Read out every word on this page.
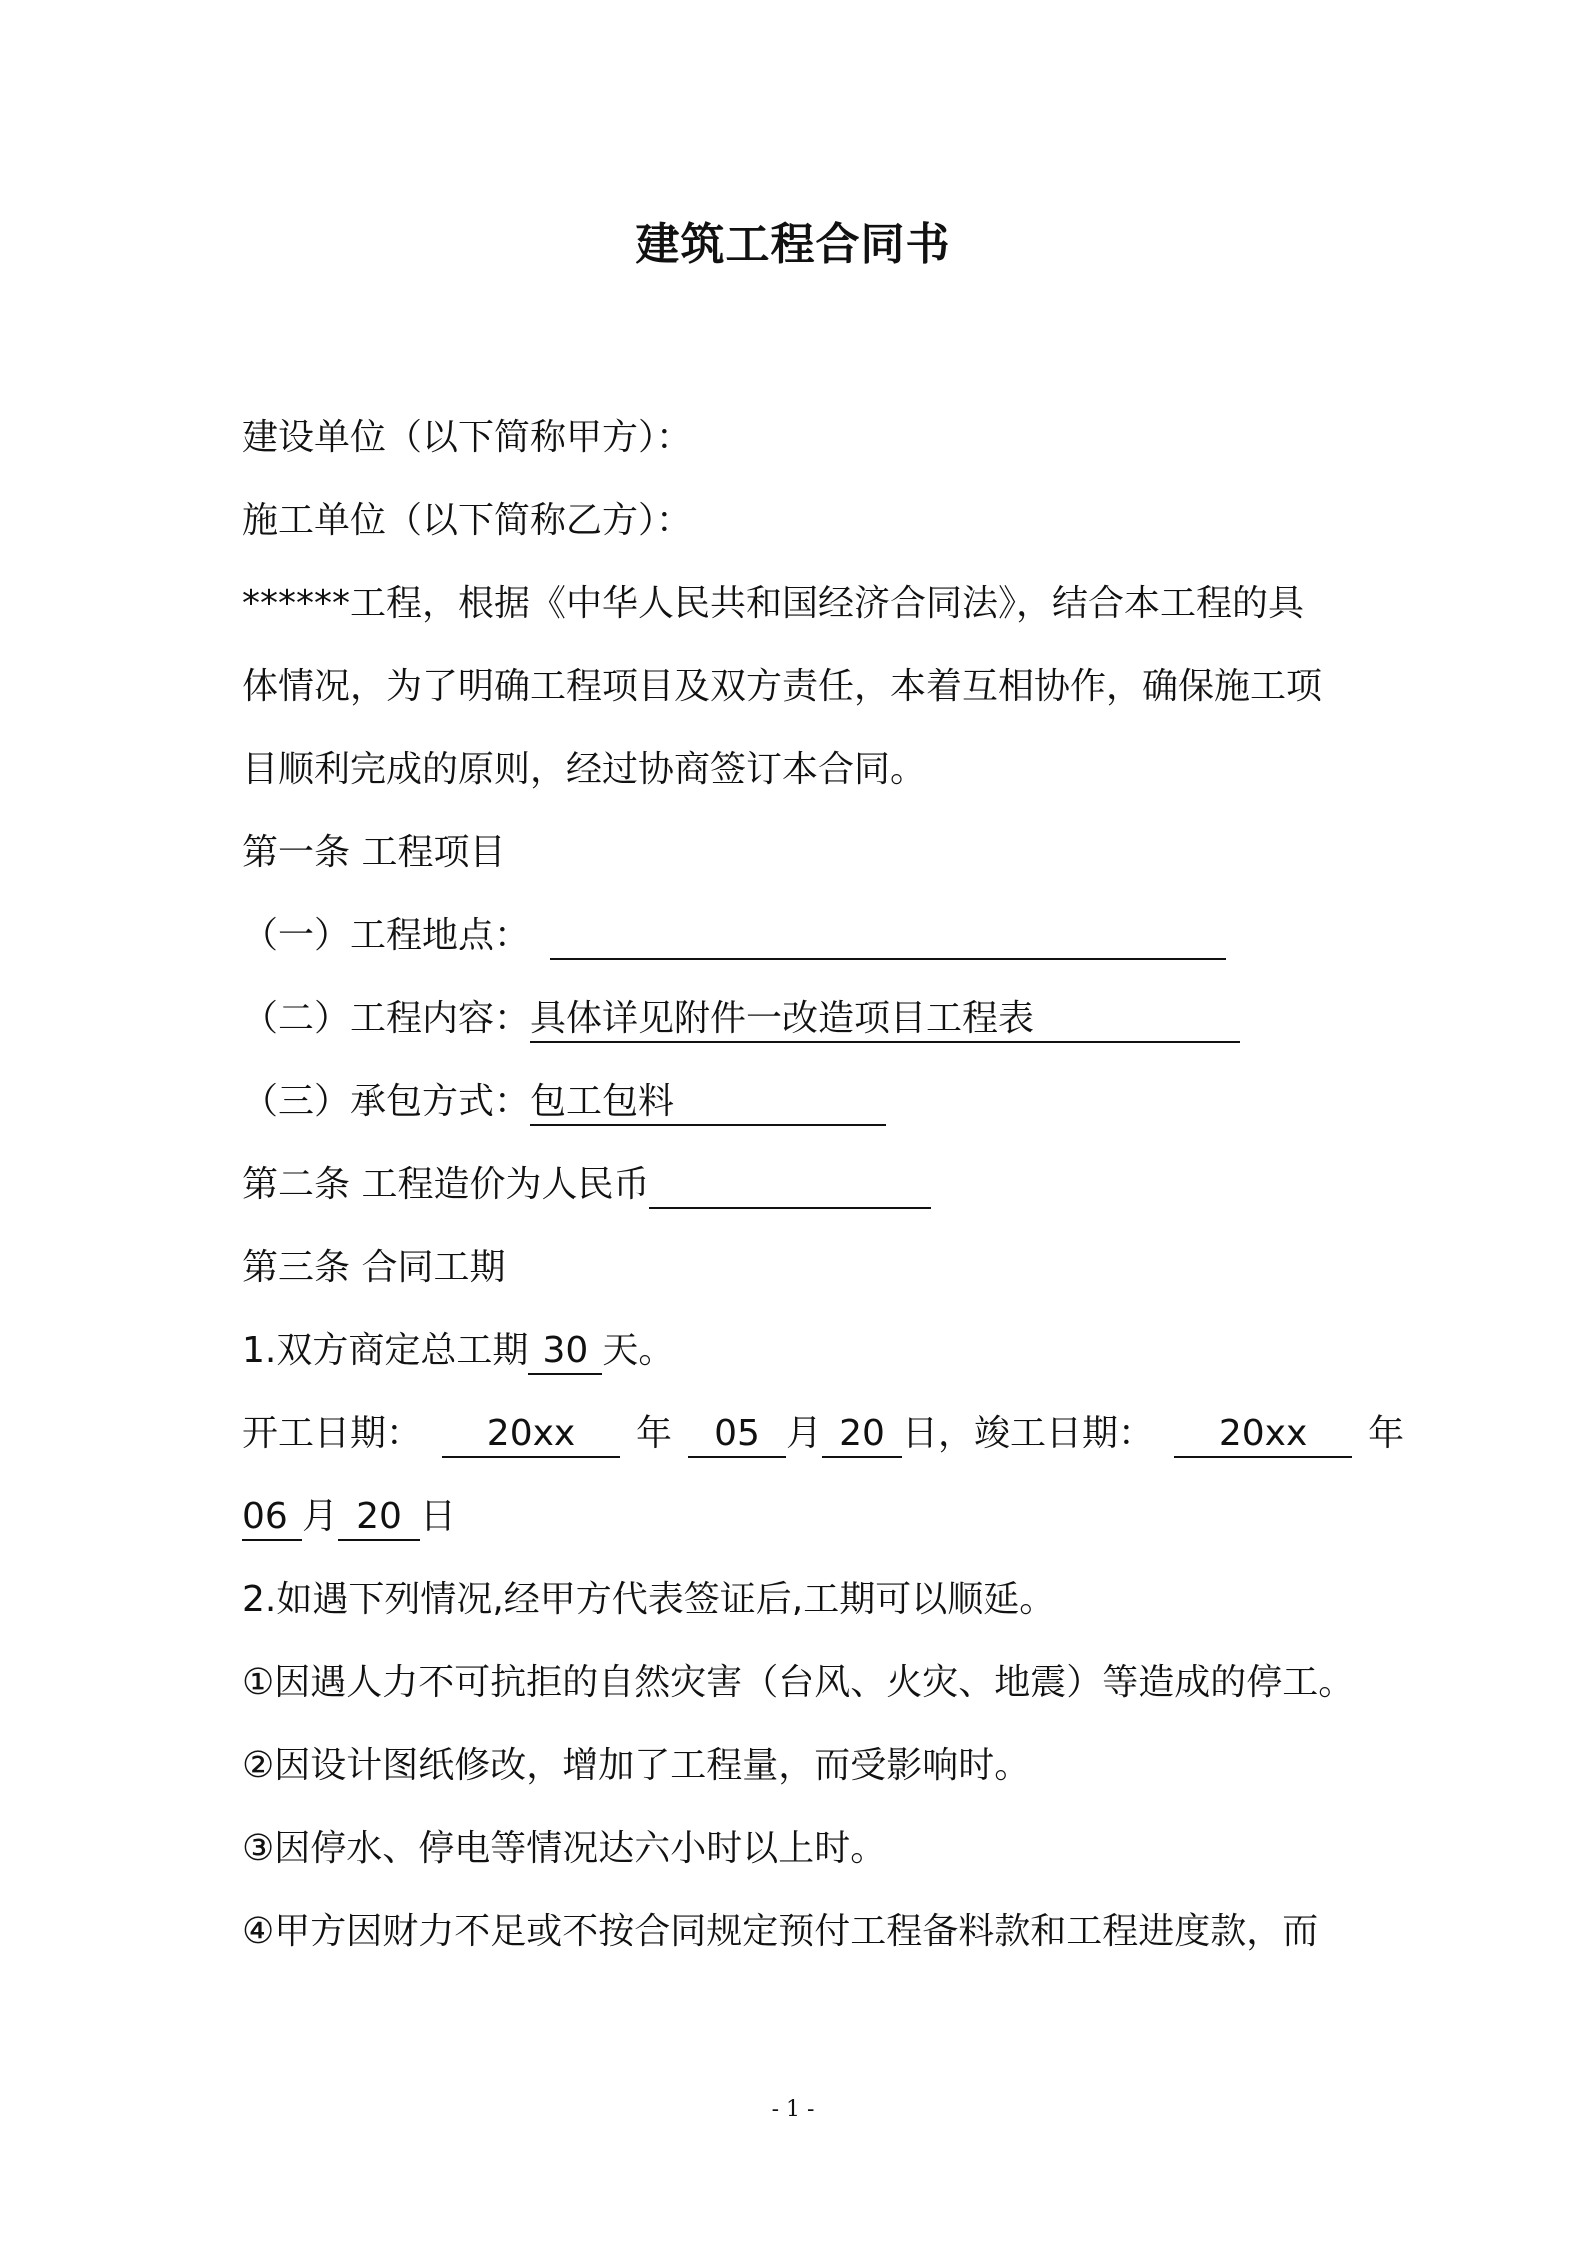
建筑工程合同书
建设单位（以下简称甲方）：
施工单位（以下简称乙方）：
******工程，根据《中华人民共和国经济合同法》，结合本工程的具
体情况，为了明确工程项目及双方责任，本着互相协作，确保施工项
目顺利完成的原则，经过协商签订本合同。
第一条 工程项目
（一）工程地点：
（二）工程内容：具体详见附件一改造项目工程表
（三）承包方式：包工包料
第二条 工程造价为人民币
第三条 合同工期
1.双方商定总工期 30 天。
开工日期： 20xx 年 05 月 20 日，竣工日期： 20xx 年
06 月 20 日
2.如遇下列情况,经甲方代表签证后,工期可以顺延。
①因遇人力不可抗拒的自然灾害（台风、火灾、地震）等造成的停工。
②因设计图纸修改，增加了工程量，而受影响时。
③因停水、停电等情况达六小时以上时。
④甲方因财力不足或不按合同规定预付工程备料款和工程进度款，而
- 1 -
